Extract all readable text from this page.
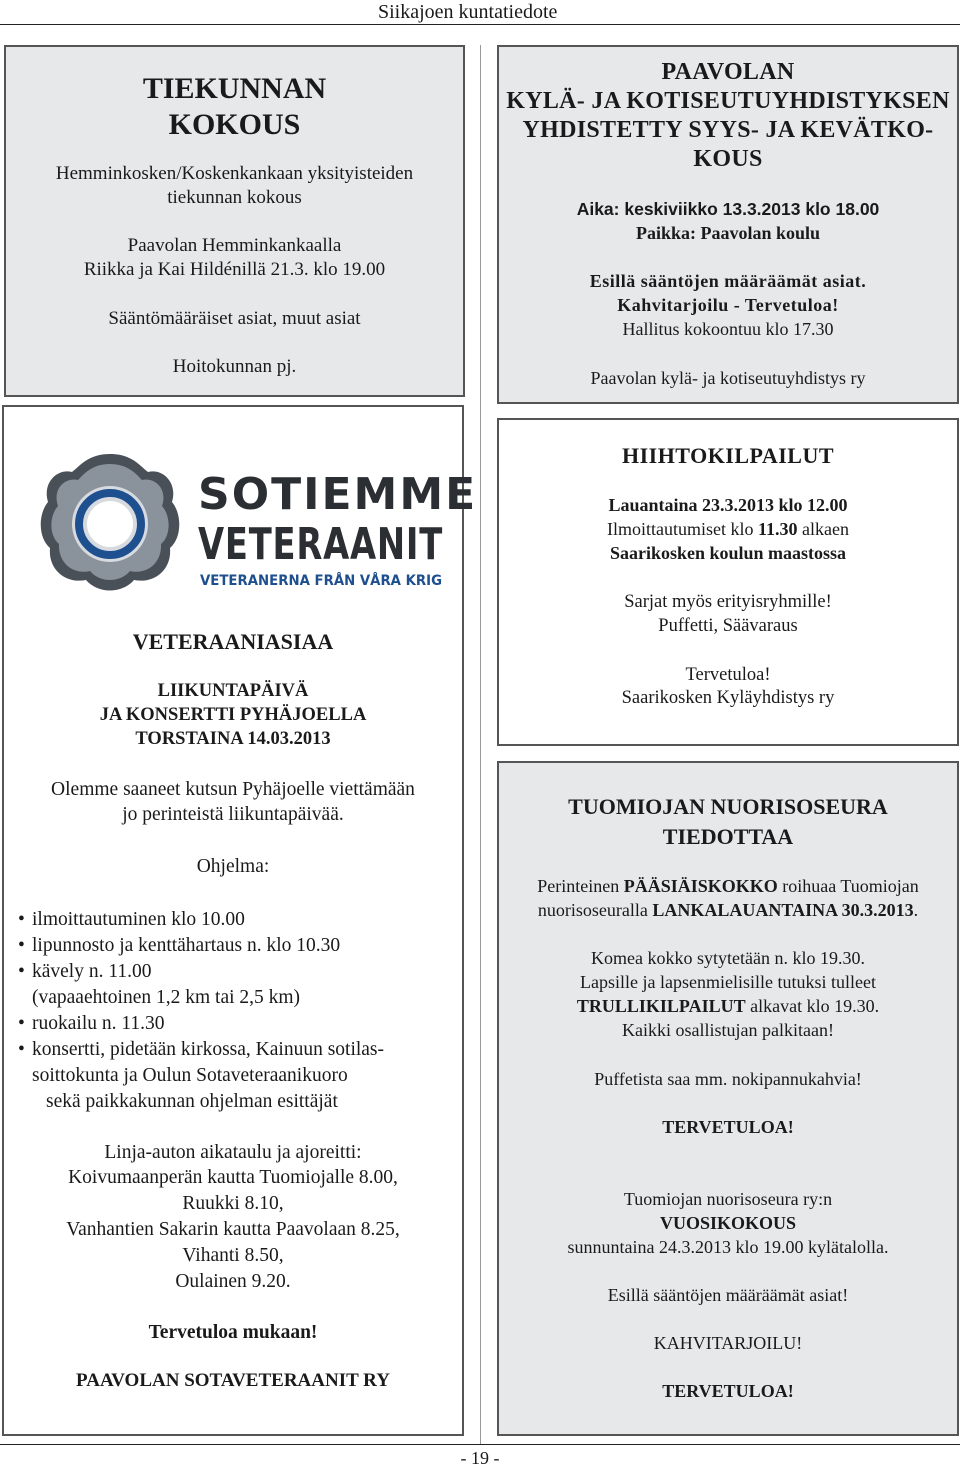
Siikajoen kuntatiedote
TIEKUNNAN
KOKOUS
Hemminkosken/Koskenkankaan yksityisteiden
tiekunnan kokous
Paavolan Hemminkankaalla
Riikka ja Kai Hildénillä 21.3. klo 19.00
Sääntömääräiset asiat, muut asiat
Hoitokunnan pj.
PAAVOLAN
KYLÄ- JA KOTISEUTUYHDISTYKSEN
YHDISTETTY SYYS- JA KEVÄTKO-
KOUS
Aika: keskiviikko 13.3.2013 klo 18.00
Paikka: Paavolan koulu
Esillä sääntöjen määräämät asiat.
Kahvitarjoilu - Tervetuloa!
Hallitus kokoontuu klo 17.30
Paavolan kylä- ja kotiseutuyhdistys ry
SOTIEMME
VETERAANIT
VETERANERNA FRÅN VÅRA KRIG
VETERAANIASIAA
LIIKUNTAPÄIVÄ
JA KONSERTTI PYHÄJOELLA
TORSTAINA 14.03.2013
Olemme saaneet kutsun Pyhäjoelle viettämään
jo perinteistä liikuntapäivää.
Ohjelma:
• ilmoittautuminen klo 10.00
• lipunnosto ja kenttähartaus n. klo 10.30
• kävely n. 11.00
(vapaaehtoinen 1,2 km tai 2,5 km)
• ruokailu n. 11.30
• konsertti, pidetään kirkossa, Kainuun sotilas-
soittokunta ja Oulun Sotaveteraanikuoro
sekä paikkakunnan ohjelman esittäjät
Linja-auton aikataulu ja ajoreitti:
Koivumaanperän kautta Tuomiojalle 8.00,
Ruukki 8.10,
Vanhantien Sakarin kautta Paavolaan 8.25,
Vihanti 8.50,
Oulainen 9.20.
Tervetuloa mukaan!
PAAVOLAN SOTAVETERAANIT RY
HIIHTOKILPAILUT
Lauantaina 23.3.2013 klo 12.00
Ilmoittautumiset klo 11.30 alkaen
Saarikosken koulun maastossa
Sarjat myös erityisryhmille!
Puffetti, Säävaraus
Tervetuloa!
Saarikosken Kyläyhdistys ry
TUOMIOJAN NUORISOSEURA
TIEDOTTAA
Perinteinen PÄÄSIÄISKOKKO roihuaa Tuomiojan
nuorisoseuralla LANKALAUANTAINA 30.3.2013.
Komea kokko sytytetään n. klo 19.30.
Lapsille ja lapsenmielisille tutuksi tulleet
TRULLIKILPAILUT alkavat klo 19.30.
Kaikki osallistujan palkitaan!
Puffetista saa mm. nokipannukahvia!
TERVETULOA!
Tuomiojan nuorisoseura ry:n
VUOSIKOKOUS
sunnuntaina 24.3.2013 klo 19.00 kylätalolla.
Esillä sääntöjen määräämät asiat!
KAHVITARJOILU!
TERVETULOA!
- 19 -
